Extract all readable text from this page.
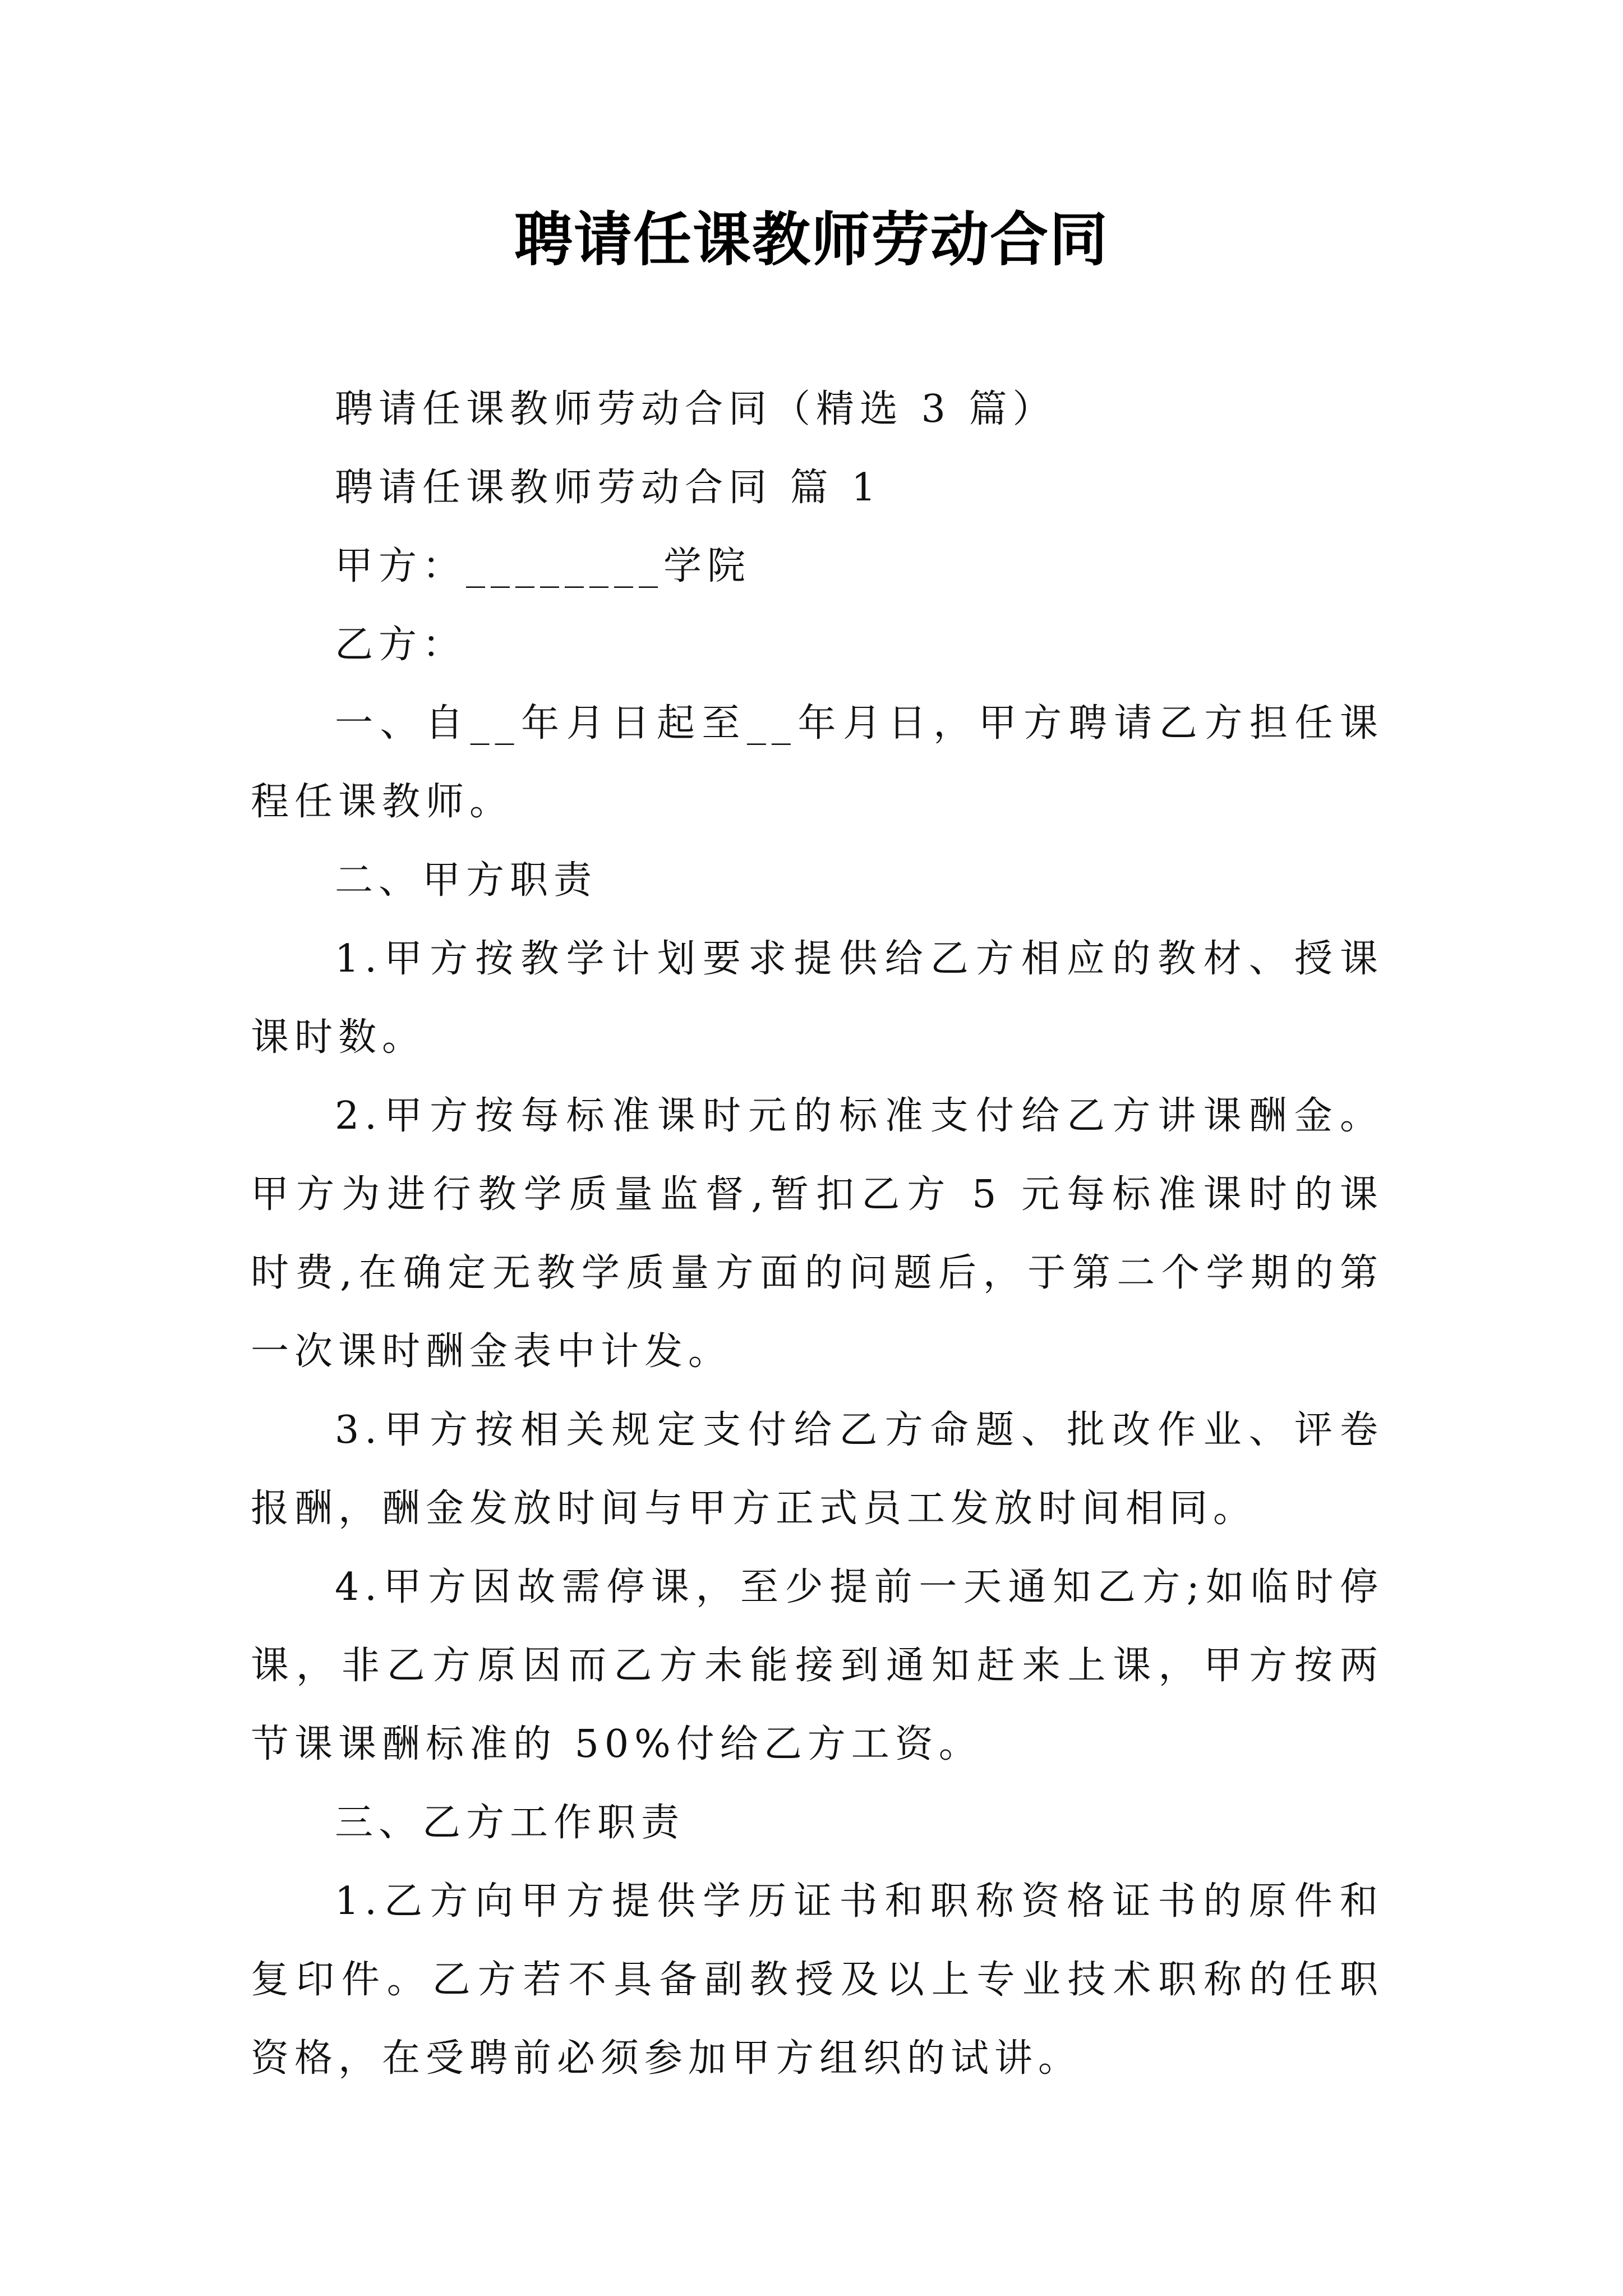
聘请任课教师劳动合同

聘请任课教师劳动合同（精选 3 篇）

聘请任课教师劳动合同 篇 1

甲方：________学院

乙方：

一、自__年月日起至__年月日，甲方聘请乙方担任课程任课教师。

二、甲方职责

1.甲方按教学计划要求提供给乙方相应的教材、授课课时数。

2.甲方按每标准课时元的标准支付给乙方讲课酬金。甲方为进行教学质量监督,暂扣乙方 5 元每标准课时的课时费,在确定无教学质量方面的问题后，于第二个学期的第一次课时酬金表中计发。

3.甲方按相关规定支付给乙方命题、批改作业、评卷报酬，酬金发放时间与甲方正式员工发放时间相同。

4.甲方因故需停课，至少提前一天通知乙方;如临时停课，非乙方原因而乙方未能接到通知赶来上课，甲方按两节课课酬标准的 50%付给乙方工资。

三、乙方工作职责

1.乙方向甲方提供学历证书和职称资格证书的原件和复印件。乙方若不具备副教授及以上专业技术职称的任职资格，在受聘前必须参加甲方组织的试讲。
